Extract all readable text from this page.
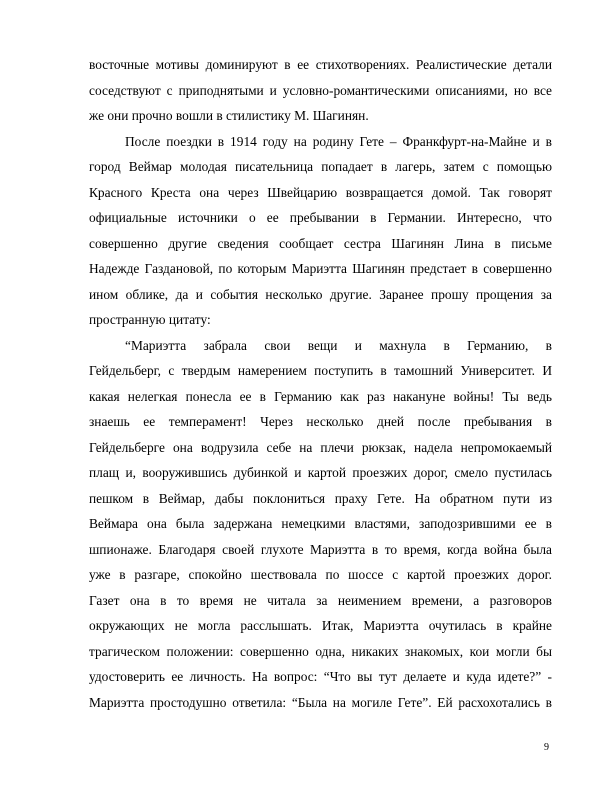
восточные мотивы доминируют в ее стихотворениях. Реалистические детали
соседствуют с приподнятыми и условно-романтическими описаниями, но все
же они прочно вошли в стилистику М. Шагинян.
После поездки в 1914 году на родину Гете – Франкфурт-на-Майне и в
город Веймар молодая писательница попадает в лагерь, затем с помощью
Красного Креста она через Швейцарию возвращается домой. Так говорят
официальные источники о ее пребывании в Германии. Интересно, что
совершенно другие сведения сообщает сестра Шагинян Лина в письме
Надежде Газдановой, по которым Мариэтта Шагинян предстает в совершенно
ином облике, да и события несколько другие. Заранее прошу прощения за
пространную цитату:
“Мариэтта забрала свои вещи и махнула в Германию, в
Гейдельберг, с твердым намерением поступить в тамошний Университет. И
какая нелегкая понесла ее в Германию как раз накануне войны! Ты ведь
знаешь ее темперамент! Через несколько дней после пребывания в
Гейдельберге она водрузила себе на плечи рюкзак, надела непромокаемый
плащ и, вооружившись дубинкой и картой проезжих дорог, смело пустилась
пешком в Веймар, дабы поклониться праху Гете. На обратном пути из
Веймара она была задержана немецкими властями, заподозрившими ее в
шпионаже. Благодаря своей глухоте Мариэтта в то время, когда война была
уже в разгаре, спокойно шествовала по шоссе с картой проезжих дорог.
Газет она в то время не читала за неимением времени, а разговоров
окружающих не могла расслышать. Итак, Мариэтта очутилась в крайне
трагическом положении: совершенно одна, никаких знакомых, кои могли бы
удостоверить ее личность. На вопрос: “Что вы тут делаете и куда идете?” -
Мариэтта простодушно ответила: “Была на могиле Гете”. Ей расхохотались в
9
